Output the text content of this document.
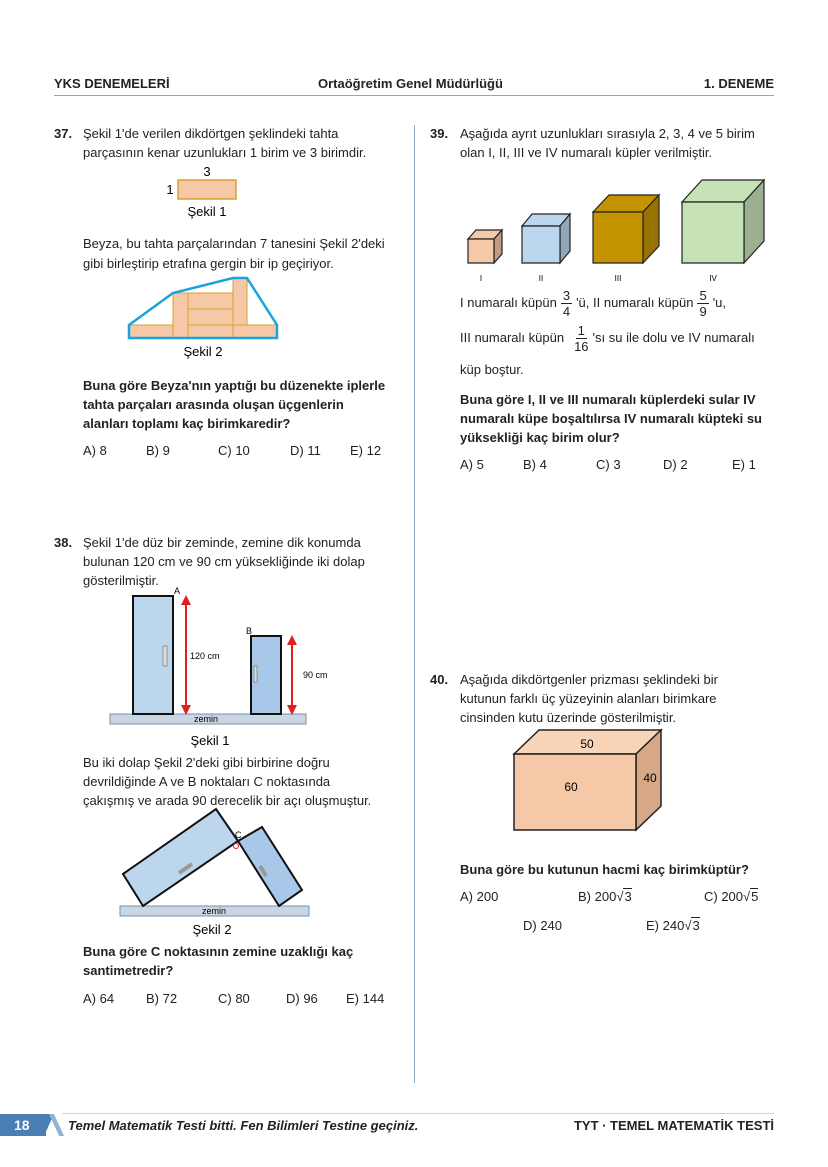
YKS DENEMELERİ	Ortaöğretim Genel Müdürlüğü	1. DENEME
37. Şekil 1'de verilen dikdörtgen şeklindeki tahta
parçasının kenar uzunlukları 1 birim ve 3 birimdir.
3
1
Şekil 1
Şekil 2
Beyza, bu tahta parçalarından 7 tanesini Şekil 2'deki
gibi birleştirip etrafına gergin bir ip geçiriyor.
Buna göre Beyza'nın yaptığı bu düzenekte iplerle
tahta parçaları arasında oluşan üçgenlerin
alanları toplamı kaç birimkaredir?
A) 8	B) 9	C) 10	D) 11 E) 12
38. Şekil 1'de düz bir zeminde, zemine dik konumda
bulunan 120 cm ve 90 cm yüksekliğinde iki dolap
gösterilmiştir.
zemin
A
B
120 cm
90 cm
Şekil 1
zemin
C
Şekil 2
Bu iki dolap Şekil 2'deki gibi birbirine doğru
devrildiğinde A ve B noktaları C noktasında
çakışmış ve arada 90 derecelik bir açı oluşmuştur.
Buna göre C noktasının zemine uzaklığı kaç
santimetredir?
A) 64 B) 72	C) 80	D) 96 E) 144
39. Aşağıda ayrıt uzunlukları sırasıyla 2, 3, 4 ve 5 birim
olan I, II, III ve IV numaralı küpler verilmiştir.
I	II	III	IV
I numaralı küpün $\frac{3}{4}$ 'ü, II numaralı küpün $\frac{5}{9}$ 'u,
III numaralı küpün $\frac{1}{16}$ 'sı su ile dolu ve IV numaralı
küp boştur.
Buna göre I, II ve III numaralı küplerdeki sular IV
numaralı küpe boşaltılırsa IV numaralı küpteki su
yüksekliği kaç birim olur?
A) 5	B) 4	C) 3	D) 2	E) 1
40. Aşağıda dikdörtgenler prizması şeklindeki bir
kutunun farklı üç yüzeyinin alanları birimkare
cinsinden kutu üzerinde gösterilmiştir.
50
60
40
Buna göre bu kutunun hacmi kaç birimküptür?
A) 200	B) 200√3	C) 200√5
D) 240	E) 240√3
18	Temel Matematik Testi bitti. Fen Bilimleri Testine geçiniz.	TYT · TEMEL MATEMATİK TESTİ
